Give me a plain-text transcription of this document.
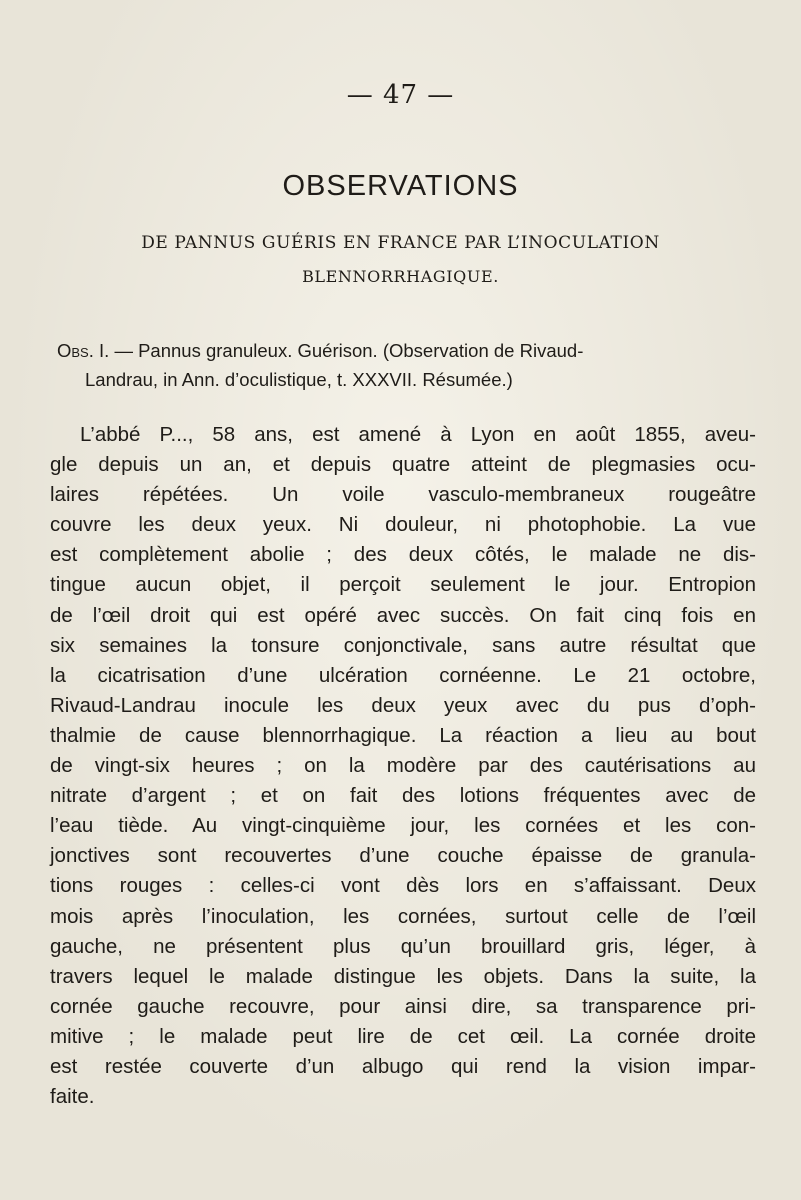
— 47 —
OBSERVATIONS
DE PANNUS GUÉRIS EN FRANCE PAR L’INOCULATION
BLENNORRHAGIQUE.

Obs. I. — Pannus granuleux. Guérison. (Observation de Rivaud-
Landrau, in Ann. d’oculistique, t. XXXVII. Résumée.)

L’abbé P..., 58 ans, est amené à Lyon en août 1855, aveu-
gle depuis un an, et depuis quatre atteint de plegmasies ocu-
laires répétées. Un voile vasculo-membraneux rougeâtre
couvre les deux yeux. Ni douleur, ni photophobie. La vue
est complètement abolie ; des deux côtés, le malade ne dis-
tingue aucun objet, il perçoit seulement le jour. Entropion
de l’œil droit qui est opéré avec succès. On fait cinq fois en
six semaines la tonsure conjonctivale, sans autre résultat que
la cicatrisation d’une ulcération cornéenne. Le 21 octobre,
Rivaud-Landrau inocule les deux yeux avec du pus d’oph-
thalmie de cause blennorrhagique. La réaction a lieu au bout
de vingt-six heures ; on la modère par des cautérisations au
nitrate d’argent ; et on fait des lotions fréquentes avec de
l’eau tiède. Au vingt-cinquième jour, les cornées et les con-
jonctives sont recouvertes d’une couche épaisse de granula-
tions rouges : celles-ci vont dès lors en s’affaissant. Deux
mois après l’inoculation, les cornées, surtout celle de l’œil
gauche, ne présentent plus qu’un brouillard gris, léger, à
travers lequel le malade distingue les objets. Dans la suite, la
cornée gauche recouvre, pour ainsi dire, sa transparence pri-
mitive ; le malade peut lire de cet œil. La cornée droite
est restée couverte d’un albugo qui rend la vision impar-
faite.
